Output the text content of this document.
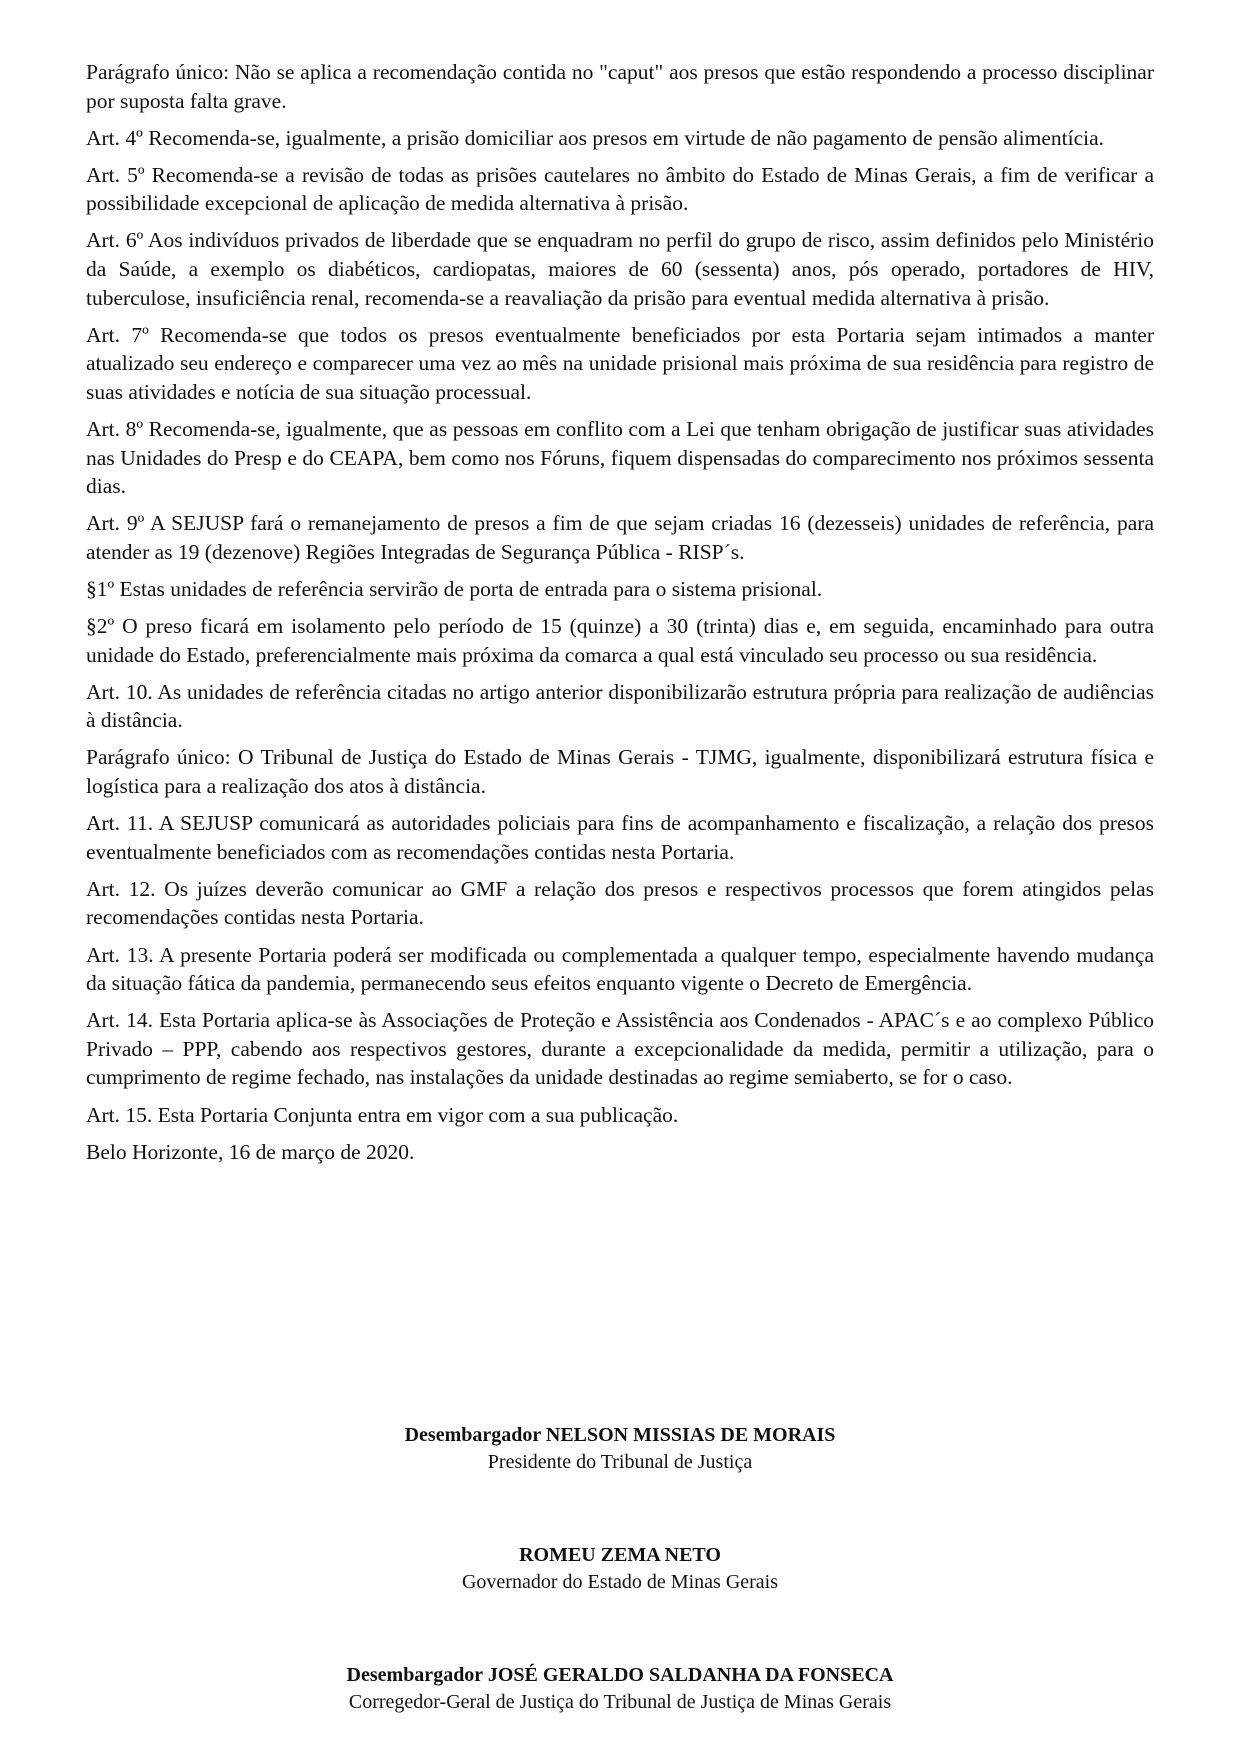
Parágrafo único: Não se aplica a recomendação contida no "caput" aos presos que estão respondendo a processo disciplinar por suposta falta grave.

Art. 4º Recomenda-se, igualmente, a prisão domiciliar aos presos em virtude de não pagamento de pensão alimentícia.

Art. 5º Recomenda-se a revisão de todas as prisões cautelares no âmbito do Estado de Minas Gerais, a fim de verificar a possibilidade excepcional de aplicação de medida alternativa à prisão.

Art. 6º Aos indivíduos privados de liberdade que se enquadram no perfil do grupo de risco, assim definidos pelo Ministério da Saúde, a exemplo os diabéticos, cardiopatas, maiores de 60 (sessenta) anos, pós operado, portadores de HIV, tuberculose, insuficiência renal, recomenda-se a reavaliação da prisão para eventual medida alternativa à prisão.

Art. 7º Recomenda-se que todos os presos eventualmente beneficiados por esta Portaria sejam intimados a manter atualizado seu endereço e comparecer uma vez ao mês na unidade prisional mais próxima de sua residência para registro de suas atividades e notícia de sua situação processual.

Art. 8º Recomenda-se, igualmente, que as pessoas em conflito com a Lei que tenham obrigação de justificar suas atividades nas Unidades do Presp e do CEAPA, bem como nos Fóruns, fiquem dispensadas do comparecimento nos próximos sessenta dias.

Art. 9º A SEJUSP fará o remanejamento de presos a fim de que sejam criadas 16 (dezesseis) unidades de referência, para atender as 19 (dezenove) Regiões Integradas de Segurança Pública - RISP´s.

§1º Estas unidades de referência servirão de porta de entrada para o sistema prisional.

§2º O preso ficará em isolamento pelo período de 15 (quinze) a 30 (trinta) dias e, em seguida, encaminhado para outra unidade do Estado, preferencialmente mais próxima da comarca a qual está vinculado seu processo ou sua residência.

Art. 10. As unidades de referência citadas no artigo anterior disponibilizarão estrutura própria para realização de audiências à distância.

Parágrafo único: O Tribunal de Justiça do Estado de Minas Gerais - TJMG, igualmente, disponibilizará estrutura física e logística para a realização dos atos à distância.

Art. 11. A SEJUSP comunicará as autoridades policiais para fins de acompanhamento e fiscalização, a relação dos presos eventualmente beneficiados com as recomendações contidas nesta Portaria.

Art. 12. Os juízes deverão comunicar ao GMF a relação dos presos e respectivos processos que forem atingidos pelas recomendações contidas nesta Portaria.

Art. 13. A presente Portaria poderá ser modificada ou complementada a qualquer tempo, especialmente havendo mudança da situação fática da pandemia, permanecendo seus efeitos enquanto vigente o Decreto de Emergência.

Art. 14. Esta Portaria aplica-se às Associações de Proteção e Assistência aos Condenados - APAC´s e ao complexo Público Privado – PPP, cabendo aos respectivos gestores, durante a excepcionalidade da medida, permitir a utilização, para o cumprimento de regime fechado, nas instalações da unidade destinadas ao regime semiaberto, se for o caso.

Art. 15. Esta Portaria Conjunta entra em vigor com a sua publicação.

Belo Horizonte, 16 de março de 2020.

Desembargador NELSON MISSIAS DE MORAIS

Presidente do Tribunal de Justiça

ROMEU ZEMA NETO

Governador do Estado de Minas Gerais

Desembargador JOSÉ GERALDO SALDANHA DA FONSECA

Corregedor-Geral de Justiça do Tribunal de Justiça de Minas Gerais
